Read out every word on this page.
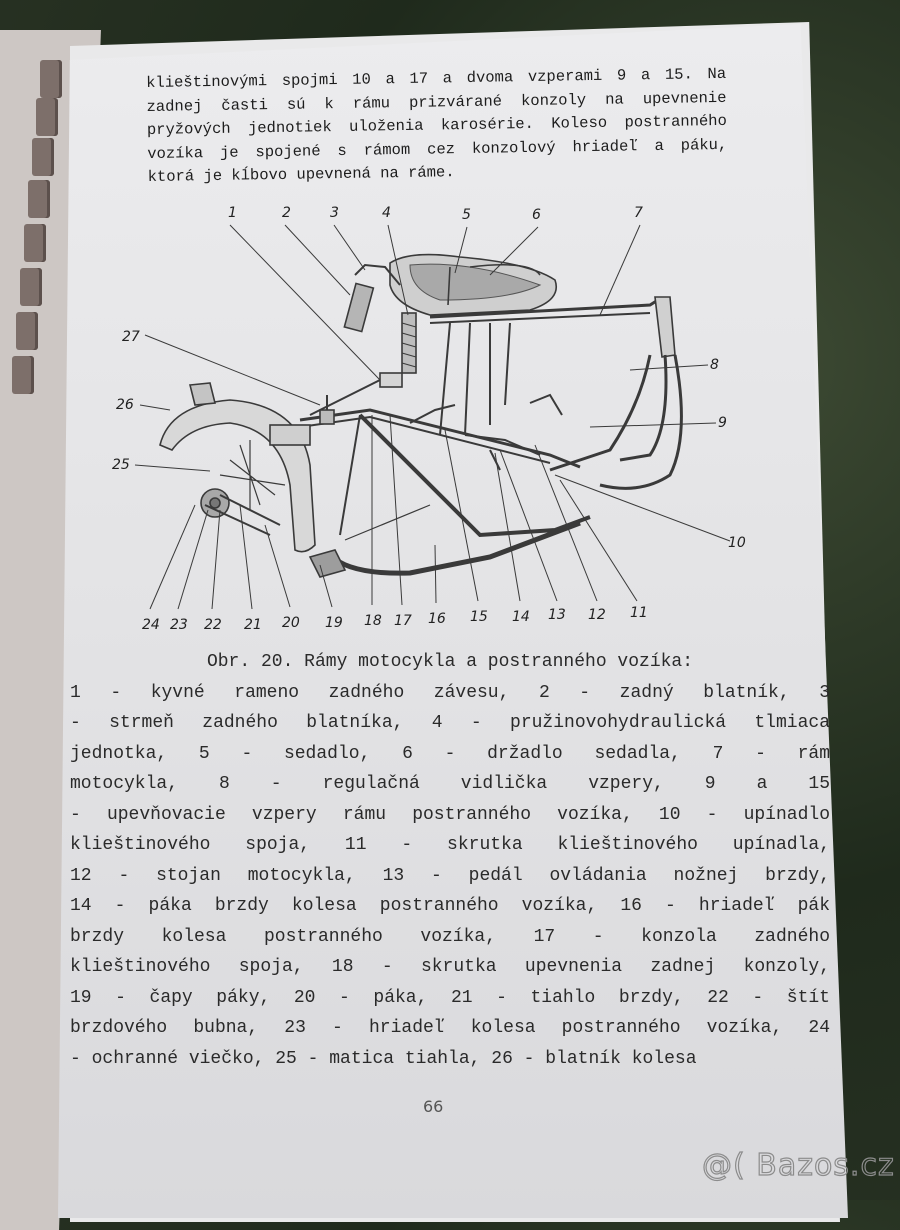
klieštinovými spojmi 10 a 17 a dvoma vzperami 9 a 15. Na

zadnej časti sú k rámu prizvárané konzoly na upevnenie

pryžových jednotiek uloženia karosérie. Koleso postranného

vozíka je spojené s rámom cez konzolový hriadeľ a páku,

ktorá je kĺbovo upevnená na ráme.

1	2	3	4	5	6	7
8
9
10
11
12
13
14
15
16
17
18
19
20
21
22
23
24
25
26
27

Obr. 20. Rámy motocykla a postranného vozíka:

1 - kyvné rameno zadného závesu, 2 - zadný blatník, 3

- strmeň zadného blatníka, 4 - pružinovohydraulická tlmiaca

jednotka, 5 - sedadlo, 6 - držadlo sedadla, 7 - rám

motocykla, 8 - regulačná vidlička vzpery, 9 a 15

- upevňovacie vzpery rámu postranného vozíka, 10 - upínadlo

klieštinového spoja, 11 - skrutka klieštinového upínadla,

12 - stojan motocykla, 13 - pedál ovládania nožnej brzdy,

14 - páka brzdy kolesa postranného vozíka, 16 - hriadeľ pák

brzdy kolesa postranného vozíka, 17 - konzola zadného

klieštinového spoja, 18 - skrutka upevnenia zadnej konzoly,

19 - čapy páky, 20 - páka, 21 - tiahlo brzdy, 22 - štít

brzdového bubna, 23 - hriadeľ kolesa postranného vozíka, 24

- ochranné viečko, 25 - matica tiahla, 26 - blatník kolesa

66
@( Bazos.cz
